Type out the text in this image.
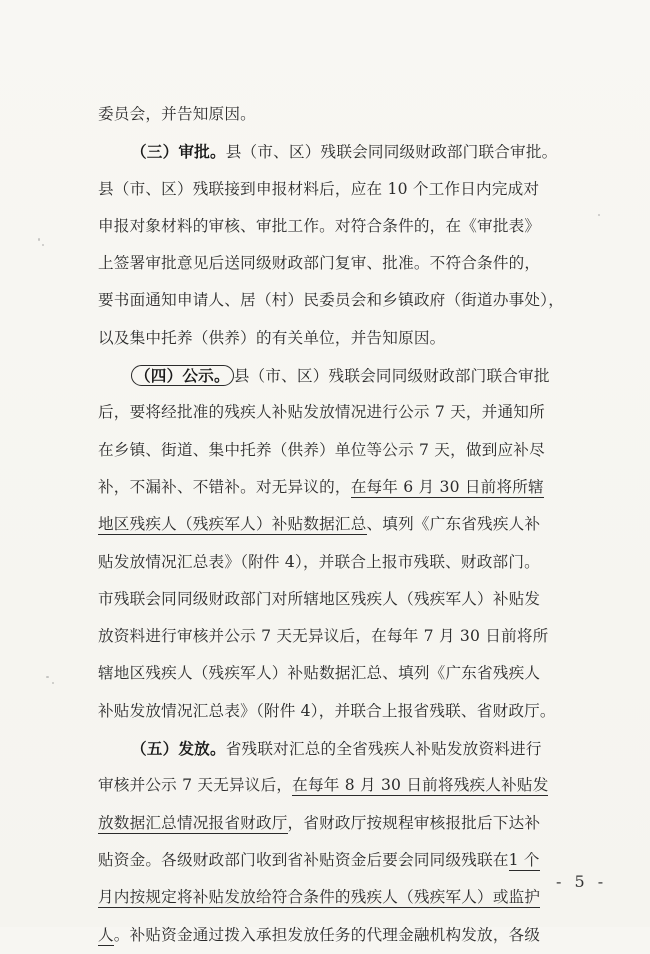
委员会，并告知原因。
（三）审批。县（市、区）残联会同同级财政部门联合审批。
县（市、区）残联接到申报材料后，应在 10 个工作日内完成对
申报对象材料的审核、审批工作。对符合条件的，在《审批表》
上签署审批意见后送同级财政部门复审、批准。不符合条件的，
要书面通知申请人、居（村）民委员会和乡镇政府（街道办事处），
以及集中托养（供养）的有关单位，并告知原因。
（四）公示。 县（市、区）残联会同同级财政部门联合审批
后，要将经批准的残疾人补贴发放情况进行公示 7 天，并通知所
在乡镇、街道、集中托养（供养）单位等公示 7 天，做到应补尽
补，不漏补、不错补。对无异议的，在每年 6 月 30 日前将所辖
地区残疾人（残疾军人）补贴数据汇总、填列《广东省残疾人补
贴发放情况汇总表》（附件 4），并联合上报市残联、财政部门。
市残联会同同级财政部门对所辖地区残疾人（残疾军人）补贴发
放资料进行审核并公示 7 天无异议后，在每年 7 月 30 日前将所
辖地区残疾人（残疾军人）补贴数据汇总、填列《广东省残疾人
补贴发放情况汇总表》（附件 4），并联合上报省残联、省财政厅。
（五）发放。省残联对汇总的全省残疾人补贴发放资料进行
审核并公示 7 天无异议后，在每年 8 月 30 日前将残疾人补贴发
放数据汇总情况报省财政厅，省财政厅按规程审核报批后下达补
贴资金。各级财政部门收到省补贴资金后要会同同级残联在1 个
月内按规定将补贴发放给符合条件的残疾人（残疾军人）或监护
人。补贴资金通过拨入承担发放任务的代理金融机构发放，各级
- 5 -
